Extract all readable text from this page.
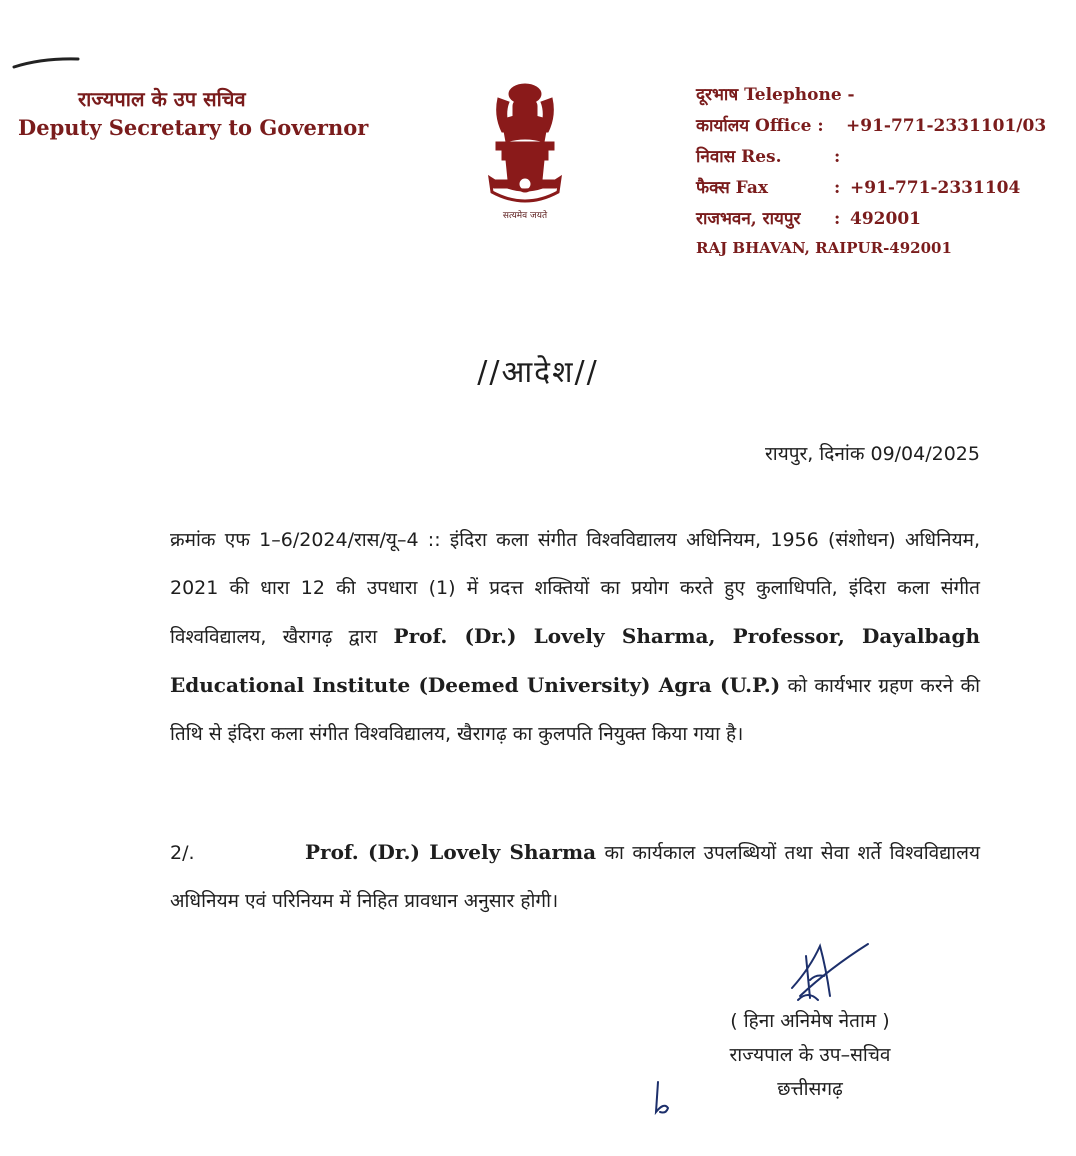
राज्यपाल के उप सचिव
Deputy Secretary to Governor
सत्यमेव जयते
दूरभाष Telephone -
कार्यालय Office : +91-771-2331101/03
निवास Res.	:
फैक्स Fax	: +91-771-2331104
राजभवन, रायपुर : 492001
RAJ BHAVAN, RAIPUR-492001
//आदेश//
रायपुर, दिनांक 09/04/2025
क्रमांक एफ 1–6/2024/रास/यू–4 :: इंदिरा कला संगीत विश्वविद्यालय अधिनियम, 1956 (संशोधन) अधिनियम, 2021 की धारा 12 की उपधारा (1) में प्रदत्त शक्तियों का प्रयोग करते हुए कुलाधिपति, इंदिरा कला संगीत विश्वविद्यालय, खैरागढ़ द्वारा Prof. (Dr.) Lovely Sharma, Professor, Dayalbagh Educational Institute (Deemed University) Agra (U.P.) को कार्यभार ग्रहण करने की तिथि से इंदिरा कला संगीत विश्वविद्यालय, खैरागढ़ का कुलपति नियुक्त किया गया है।
2/.	Prof. (Dr.) Lovely Sharma का कार्यकाल उपलब्धियों तथा सेवा शर्ते विश्वविद्यालय अधिनियम एवं परिनियम में निहित प्रावधान अनुसार होगी।
( हिना अनिमेष नेताम )
राज्यपाल के उप–सचिव
छत्तीसगढ़
